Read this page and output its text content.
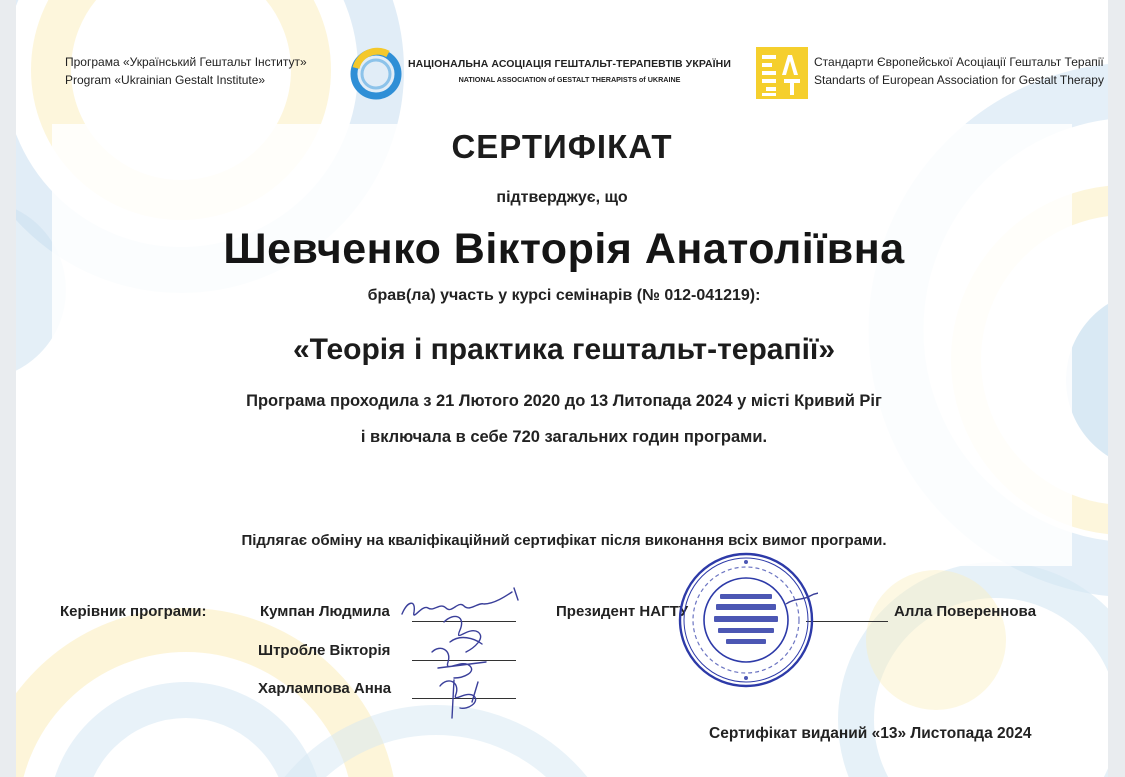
Програма «Український Гештальт Інститут»
Program «Ukrainian Gestalt Institute»
НАЦІОНАЛЬНА АСОЦІАЦІЯ ГЕШТАЛЬТ-ТЕРАПЕВТІВ УКРАЇНИ
NATIONAL ASSOCIATION of GESTALT THERAPISTS of UKRAINE
Стандарти Європейської Асоціації Гештальт Терапії
Standarts of European Association for Gestalt Therapy
СЕРТИФІКАТ
підтверджує, що
Шевченко Вікторія Анатоліївна
брав(ла) участь у курсі семінарів (№ 012-041219):
«Теорія і практика гештальт-терапії»
Програма проходила з 21 Лютого 2020 до 13 Литопада 2024 у місті Кривий Ріг
і включала в себе 720 загальних годин програми.
Підлягає обміну на кваліфікаційний сертифікат після виконання всіх вимог програми.
Керівник програми:	Кумпан Людмила
Штробле Вікторія
Харлампова Анна
Президент НАГТУ	Алла Поверенновa
Сертифікат виданий «13» Листопада 2024
